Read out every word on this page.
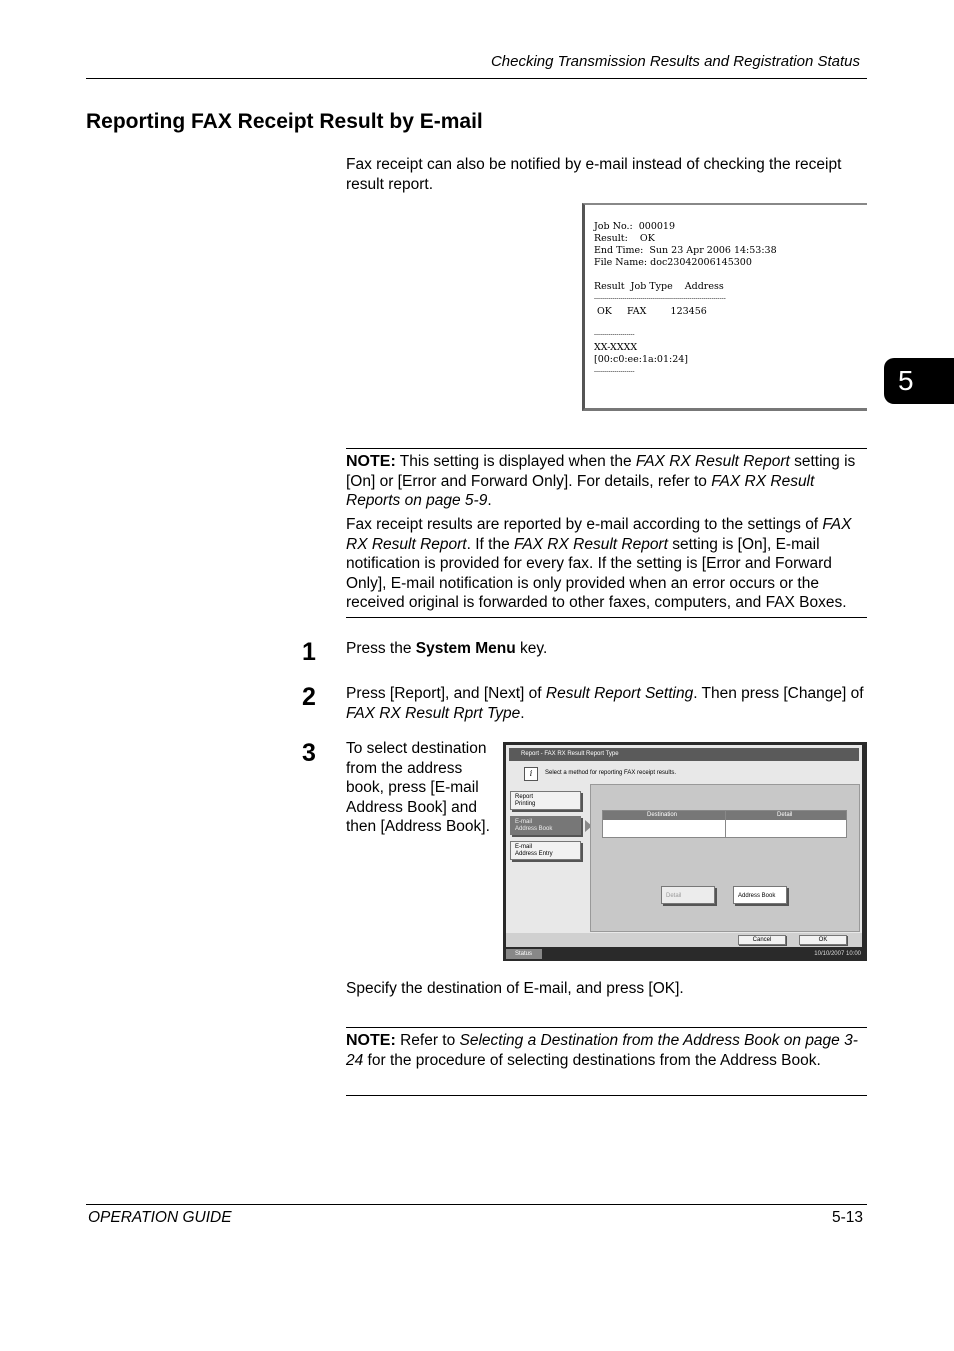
Checking Transmission Results and Registration Status
5
Reporting FAX Receipt Result by E-mail
Fax receipt can also be notified by e-mail instead of checking the receipt result report.
Job No.:  000019
Result:    OK
End Time:  Sun 23 Apr 2006 14:53:38
File Name: doc23042006145300
Result  Job Type    Address
-----------------------------------------------------------------
OK     FAX        123456
--------------------
XX-XXXX
[00:c0:ee:1a:01:24]
--------------------
NOTE: This setting is displayed when the FAX RX Result Report setting is [On] or [Error and Forward Only]. For details, refer to FAX RX Result Reports on page 5-9.
Fax receipt results are reported by e-mail according to the settings of FAX RX Result Report. If the FAX RX Result Report setting is [On], E-mail notification is provided for every fax. If the setting is [Error and Forward Only], E-mail notification is only provided when an error occurs or the received original is forwarded to other faxes, computers, and FAX Boxes.
1 Press the System Menu key.
2 Press [Report], and [Next] of Result Report Setting. Then press [Change] of FAX RX Result Rprt Type.
3 To select destination from the address book, press [E-mail Address Book] and then [Address Book].
Report - FAX RX Result Report Type
i	Select a method for reporting FAX receipt results.
Report
Printing
E-mail
Address Book
E-mail
Address Entry
Destination	Detail
Detail	Address Book
Cancel	OK
Status	10/10/2007 10:00
Specify the destination of E-mail, and press [OK].
NOTE: Refer to Selecting a Destination from the Address Book on page 3-24 for the procedure of selecting destinations from the Address Book.
OPERATION GUIDE	5-13
